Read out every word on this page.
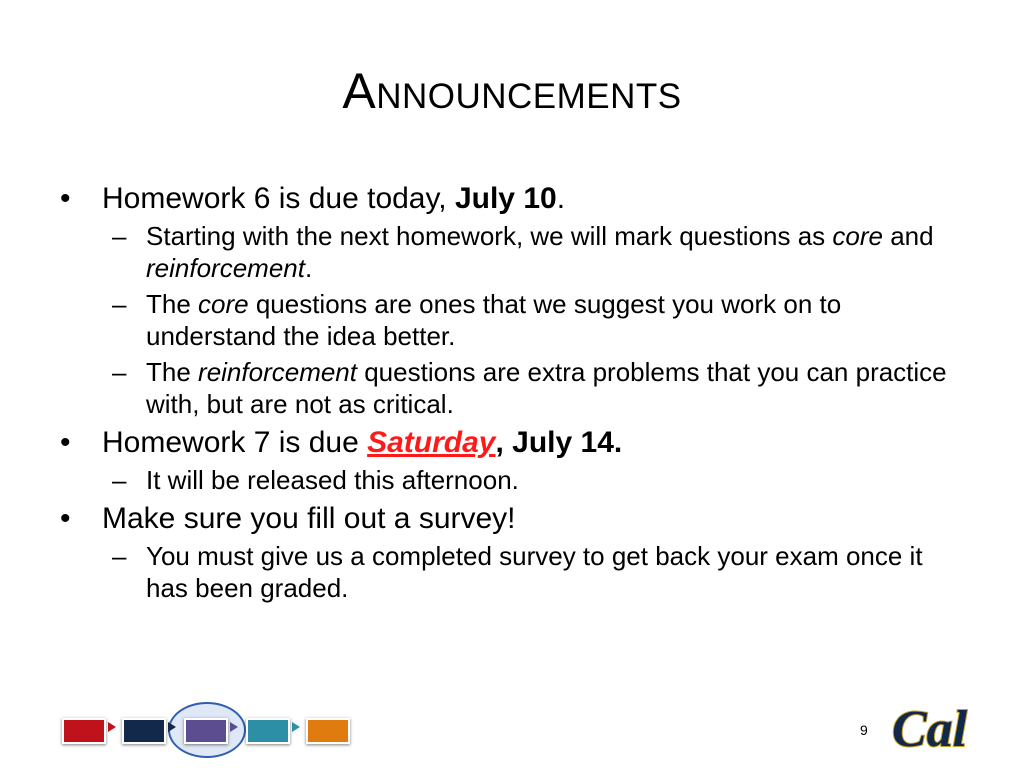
Announcements
•	Homework 6 is due today, July 10.
– Starting with the next homework, we will mark questions as core and reinforcement.
– The core questions are ones that we suggest you work on to understand the idea better.
– The reinforcement questions are extra problems that you can practice with, but are not as critical.
•	Homework 7 is due Saturday, July 14.
– It will be released this afternoon.
•	Make sure you fill out a survey!
– You must give us a completed survey to get back your exam once it has been graded.
9 Cal
